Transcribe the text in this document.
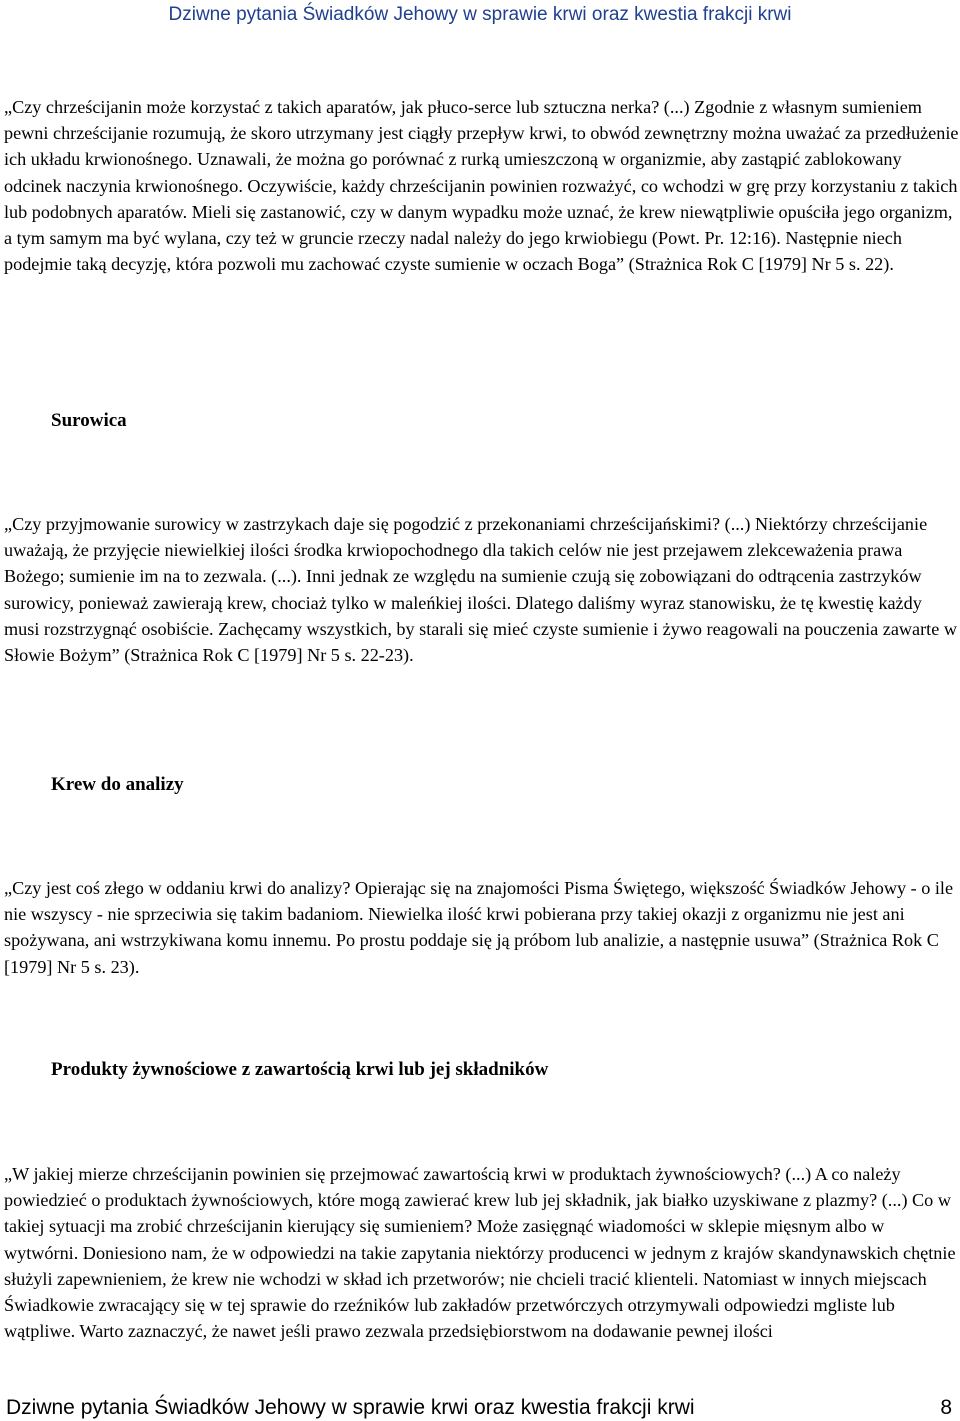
Dziwne pytania Świadków Jehowy w sprawie krwi oraz kwestia frakcji krwi

„Czy chrześcijanin może korzystać z takich aparatów, jak płuco-serce lub sztuczna nerka? (...) Zgodnie z własnym sumieniem pewni chrześcijanie rozumują, że skoro utrzymany jest ciągły przepływ krwi, to obwód zewnętrzny można uważać za przedłużenie ich układu krwionośnego. Uznawali, że można go porównać z rurką umieszczoną w organizmie, aby zastąpić zablokowany odcinek naczynia krwionośnego. Oczywiście, każdy chrześcijanin powinien rozważyć, co wchodzi w grę przy korzystaniu z takich lub podobnych aparatów. Mieli się zastanowić, czy w danym wypadku może uznać, że krew niewątpliwie opuściła jego organizm, a tym samym ma być wylana, czy też w gruncie rzeczy nadal należy do jego krwiobiegu (Powt. Pr. 12:16). Następnie niech podejmie taką decyzję, która pozwoli mu zachować czyste sumienie w oczach Boga” (Strażnica Rok C [1979] Nr 5 s. 22).

Surowica

„Czy przyjmowanie surowicy w zastrzykach daje się pogodzić z przekonaniami chrześcijańskimi? (...) Niektórzy chrześcijanie uważają, że przyjęcie niewielkiej ilości środka krwiopochodnego dla takich celów nie jest przejawem zlekceważenia prawa Bożego; sumienie im na to zezwala. (...). Inni jednak ze względu na sumienie czują się zobowiązani do odtrącenia zastrzyków surowicy, ponieważ zawierają krew, chociaż tylko w maleńkiej ilości. Dlatego daliśmy wyraz stanowisku, że tę kwestię każdy musi rozstrzygnąć osobiście. Zachęcamy wszystkich, by starali się mieć czyste sumienie i żywo reagowali na pouczenia zawarte w Słowie Bożym” (Strażnica Rok C [1979] Nr 5 s. 22-23).

Krew do analizy

„Czy jest coś złego w oddaniu krwi do analizy? Opierając się na znajomości Pisma Świętego, większość Świadków Jehowy - o ile nie wszyscy - nie sprzeciwia się takim badaniom. Niewielka ilość krwi pobierana przy takiej okazji z organizmu nie jest ani spożywana, ani wstrzykiwana komu innemu. Po prostu poddaje się ją próbom lub analizie, a następnie usuwa” (Strażnica Rok C [1979] Nr 5 s. 23).

Produkty żywnościowe z zawartością krwi lub jej składników

„W jakiej mierze chrześcijanin powinien się przejmować zawartością krwi w produktach żywnościowych? (...) A co należy powiedzieć o produktach żywnościowych, które mogą zawierać krew lub jej składnik, jak białko uzyskiwane z plazmy? (...) Co w takiej sytuacji ma zrobić chrześcijanin kierujący się sumieniem? Może zasięgnąć wiadomości w sklepie mięsnym albo w wytwórni. Doniesiono nam, że w odpowiedzi na takie zapytania niektórzy producenci w jednym z krajów skandynawskich chętnie służyli zapewnieniem, że krew nie wchodzi w skład ich przetworów; nie chcieli tracić klienteli. Natomiast w innych miejscach Świadkowie zwracający się w tej sprawie do rzeźników lub zakładów przetwórczych otrzymywali odpowiedzi mgliste lub wątpliwe. Warto zaznaczyć, że nawet jeśli prawo zezwala przedsiębiorstwom na dodawanie pewnej ilości

Dziwne pytania Świadków Jehowy w sprawie krwi oraz kwestia frakcji krwi	8
